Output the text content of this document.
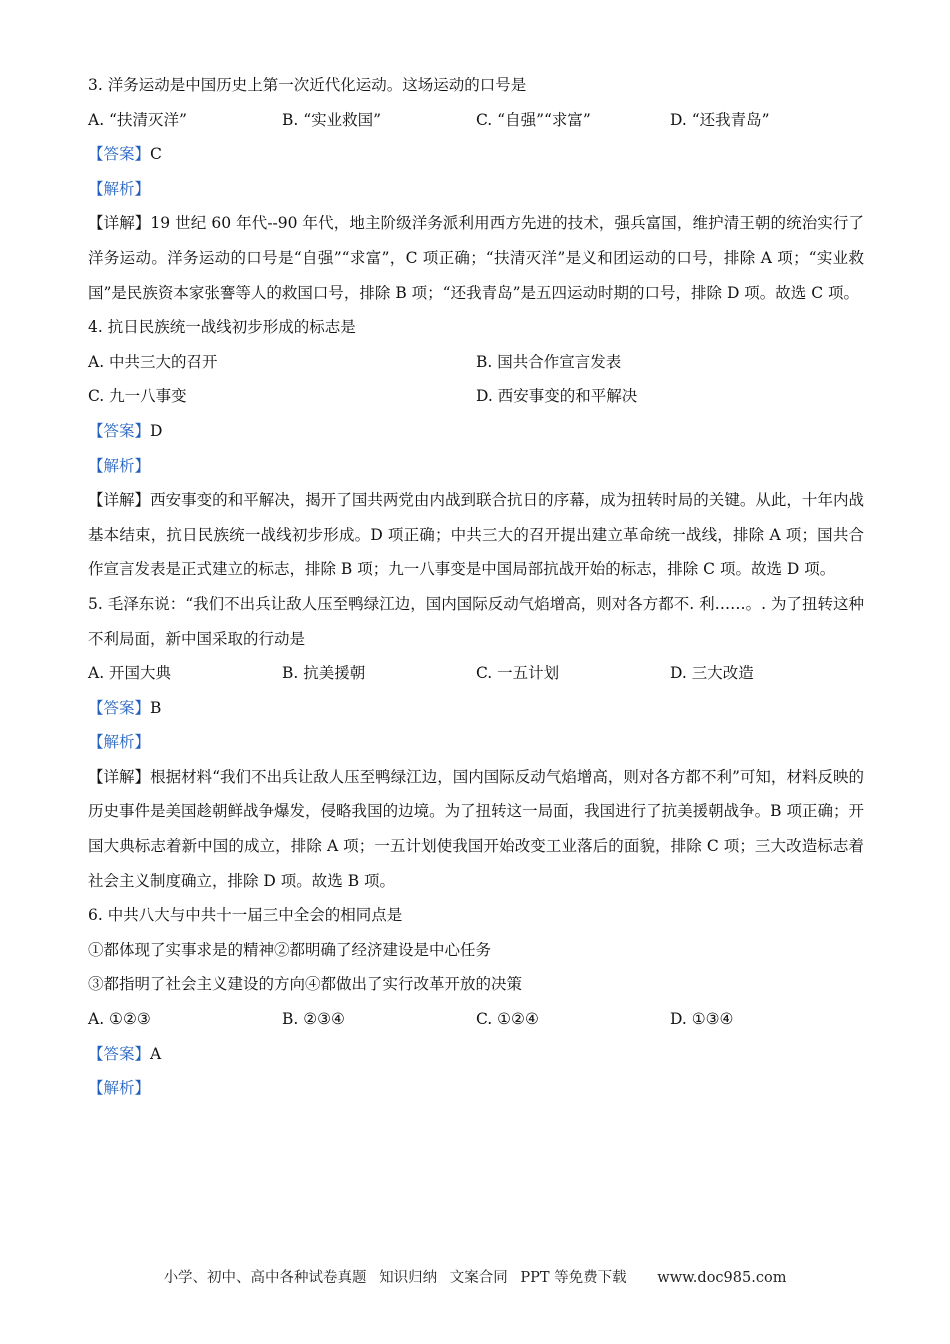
3. 洋务运动是中国历史上第一次近代化运动。这场运动的口号是
A. “扶清灭洋”	B. “实业救国”	C. “自强”“求富”	D. “还我青岛”
【答案】C
【解析】
【详解】19 世纪 60 年代--90 年代，地主阶级洋务派利用西方先进的技术，强兵富国，维护清王朝的统治实行了洋务运动。洋务运动的口号是“自强”“求富”，C 项正确；“扶清灭洋”是义和团运动的口号，排除 A 项；“实业救国”是民族资本家张謇等人的救国口号，排除 B 项；“还我青岛”是五四运动时期的口号，排除 D 项。故选 C 项。
4. 抗日民族统一战线初步形成的标志是
A. 中共三大的召开	B. 国共合作宣言发表
C. 九一八事变	D. 西安事变的和平解决
【答案】D
【解析】
【详解】西安事变的和平解决，揭开了国共两党由内战到联合抗日的序幕，成为扭转时局的关键。从此，十年内战基本结束，抗日民族统一战线初步形成。D 项正确；中共三大的召开提出建立革命统一战线，排除 A 项；国共合作宣言发表是正式建立的标志，排除 B 项；九一八事变是中国局部抗战开始的标志，排除 C 项。故选 D 项。
5. 毛泽东说：“我们不出兵让敌人压至鸭绿江边，国内国际反动气焰增高，则对各方都不. 利……。. 为了扭转这种不利局面，新中国采取的行动是
A. 开国大典	B. 抗美援朝	C. 一五计划	D. 三大改造
【答案】B
【解析】
【详解】根据材料“我们不出兵让敌人压至鸭绿江边，国内国际反动气焰增高，则对各方都不利”可知，材料反映的历史事件是美国趁朝鲜战争爆发，侵略我国的边境。为了扭转这一局面，我国进行了抗美援朝战争。B 项正确；开国大典标志着新中国的成立，排除 A 项；一五计划使我国开始改变工业落后的面貌，排除 C 项；三大改造标志着社会主义制度确立，排除 D 项。故选 B 项。
6. 中共八大与中共十一届三中全会的相同点是
①都体现了实事求是的精神②都明确了经济建设是中心任务
③都指明了社会主义建设的方向④都做出了实行改革开放的决策
A. ①②③	B. ②③④	C. ①②④	D. ①③④
【答案】A
【解析】
小学、初中、高中各种试卷真题 知识归纳 文案合同 PPT 等免费下载 www.doc985.com
